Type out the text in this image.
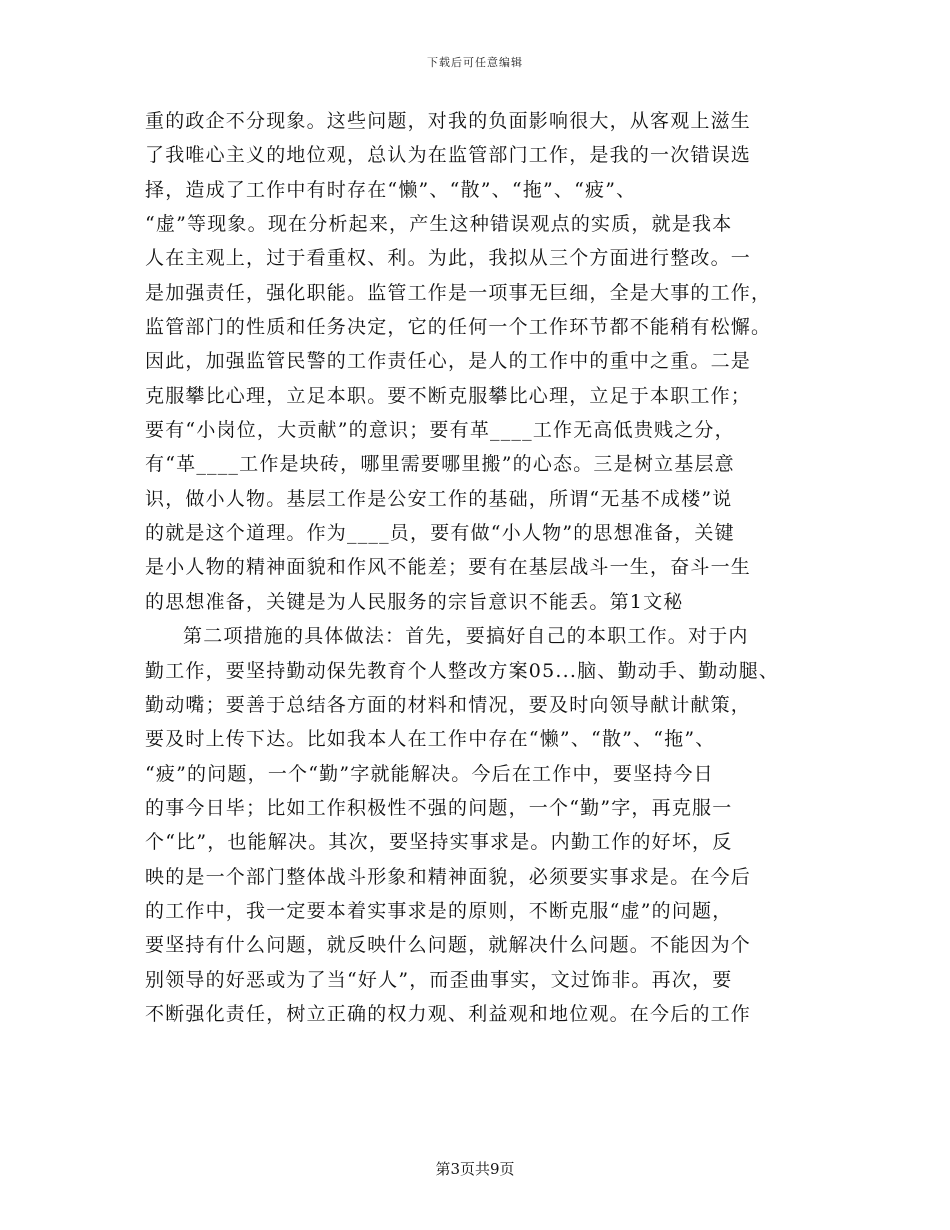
下载后可任意编辑
重的政企不分现象。这些问题，对我的负面影响很大，从客观上滋生
了我唯心主义的地位观，总认为在监管部门工作，是我的一次错误选
择，造成了工作中有时存在“懒”、“散”、“拖”、“疲”、
“虚”等现象。现在分析起来，产生这种错误观点的实质，就是我本
人在主观上，过于看重权、利。为此，我拟从三个方面进行整改。一
是加强责任，强化职能。监管工作是一项事无巨细，全是大事的工作，
监管部门的性质和任务决定，它的任何一个工作环节都不能稍有松懈。
因此，加强监管民警的工作责任心，是人的工作中的重中之重。二是
克服攀比心理，立足本职。要不断克服攀比心理，立足于本职工作；
要有“小岗位，大贡献”的意识；要有革____工作无高低贵贱之分，
有“革____工作是块砖，哪里需要哪里搬”的心态。三是树立基层意
识，做小人物。基层工作是公安工作的基础，所谓“无基不成楼”说
的就是这个道理。作为____员，要有做“小人物”的思想准备，关键
是小人物的精神面貌和作风不能差；要有在基层战斗一生，奋斗一生
的思想准备，关键是为人民服务的宗旨意识不能丢。第1文秘
第二项措施的具体做法：首先，要搞好自己的本职工作。对于内
勤工作，要坚持勤动保先教育个人整改方案05...脑、勤动手、勤动腿、
勤动嘴；要善于总结各方面的材料和情况，要及时向领导献计献策，
要及时上传下达。比如我本人在工作中存在“懒”、“散”、“拖”、
“疲”的问题，一个“勤”字就能解决。今后在工作中，要坚持今日
的事今日毕；比如工作积极性不强的问题，一个“勤”字，再克服一
个“比”，也能解决。其次，要坚持实事求是。内勤工作的好坏，反
映的是一个部门整体战斗形象和精神面貌，必须要实事求是。在今后
的工作中，我一定要本着实事求是的原则，不断克服“虚”的问题，
要坚持有什么问题，就反映什么问题，就解决什么问题。不能因为个
别领导的好恶或为了当“好人”，而歪曲事实，文过饰非。再次，要
不断强化责任，树立正确的权力观、利益观和地位观。在今后的工作
第3页共9页
